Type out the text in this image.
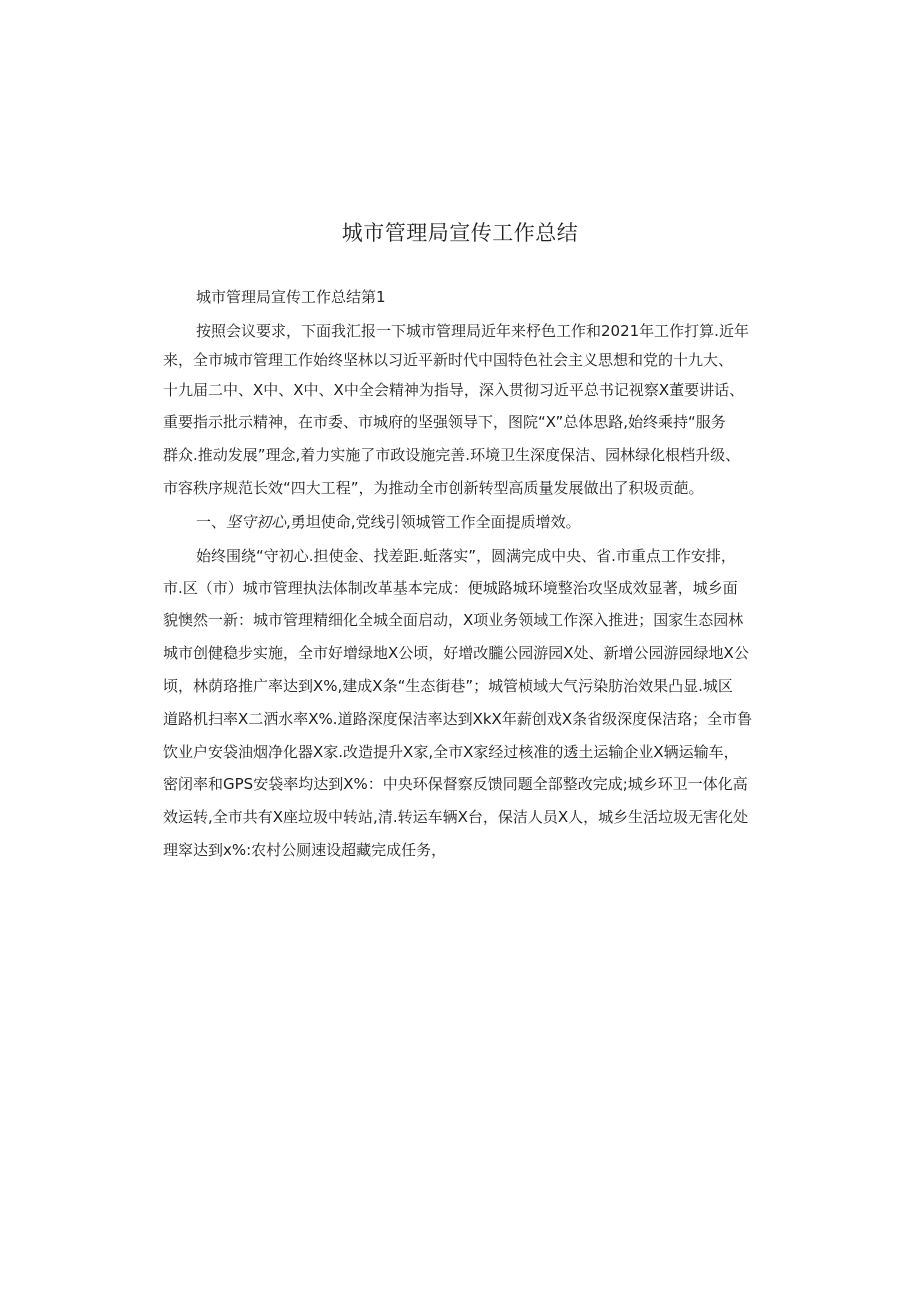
城市管理局宣传工作总结
城市管理局宣传工作总结第1
按照会议要求，下面我汇报一下城市管理局近年来杼色工作和2021年工作打算.近年
来，全市城市管理工作始终坚林以习近平新时代中国特色社会主义思想和党的十九大、
十九届二中、X中、X中、X中全会精神为指导，深入贯彻习近平总书记视察X董要讲话、
重要指示批示精神，在市委、市城府的坚强领导下，图院“X”总体思路,始终乘持“服务
群众.推动发展”理念,着力实施了市政设施完善.环境卫生深度保洁、园林绿化根档升级、
市容秩序规范长效“四大工程”，为推动全市创新转型高质量发展做出了积圾贡葩。
一、坚守初心,勇坦使命,党线引领城管工作全面提质增效。
始终围绕“守初心.担使金、找差距.蚯落实”，圆满完成中央、省.市重点工作安排，
市.区（市）城市管理执法体制改革基本完成：便城路城环境整治攻坚成效显著，城乡面
貌懊然一新：城市管理精细化全城全面启动，X项业务领域工作深入推进；国家生态园林
城市创健稳步实施，全市好增绿地X公顷，好增改朧公园游园X处、新增公园游园绿地X公
顷，林荫珞推广率达到X%,建成X条“生态街巷”；城管桢域大气污染肪治效果凸显.城区
道路机扫率X二洒水率X%.道路深度保洁率达到XkX年薪创戏X条省级深度保洁珞；全市鲁
饮业户安袋油烟净化器X家.改造提升X家,全市X家经过核准的透土运输企业X辆运输车，
密闭率和GPS安袋率均达到X%：中央环保督察反馈同题全部整改完成;城乡环卫一体化高
效运转,全市共有X座垃圾中转站,清.转运车辆X台，保洁人员X人，城乡生活垃圾无害化处
理窣达到x%:农村公厕速设超藏完成任务，
